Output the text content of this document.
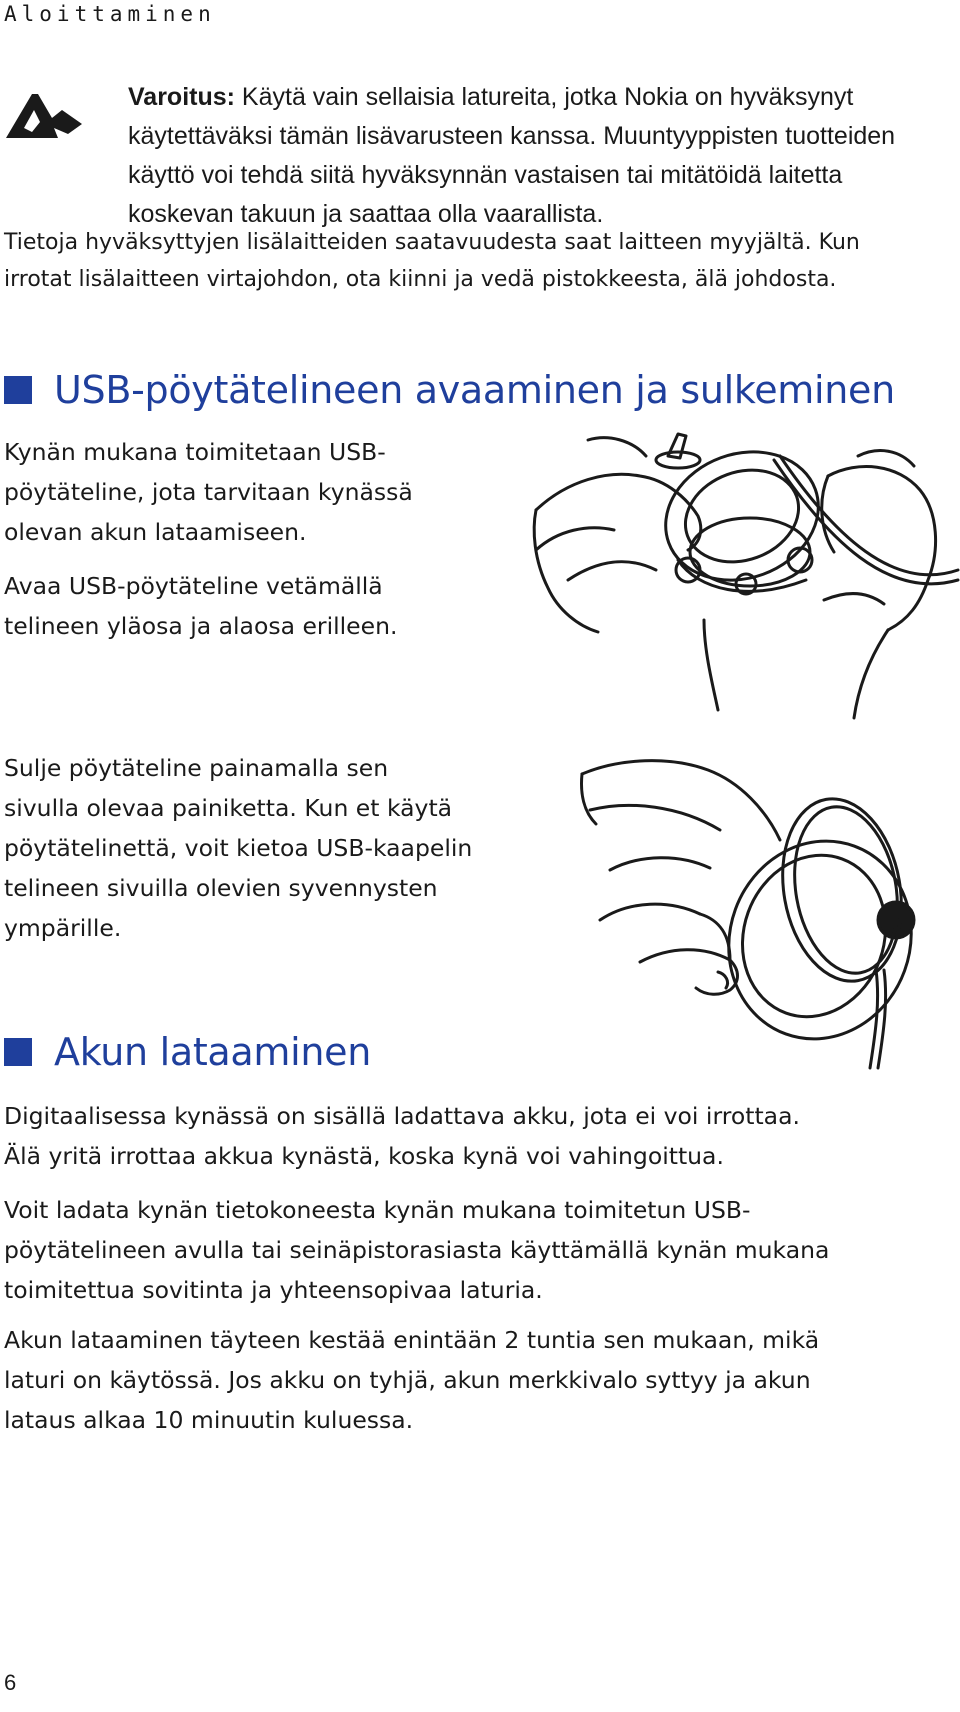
Aloittaminen
Varoitus: Käytä vain sellaisia latureita, jotka Nokia on hyväksynyt käytettäväksi tämän lisävarusteen kanssa. Muuntyyppisten tuotteiden käyttö voi tehdä siitä hyväksynnän vastaisen tai mitätöidä laitetta koskevan takuun ja saattaa olla vaarallista.

Tietoja hyväksyttyjen lisälaitteiden saatavuudesta saat laitteen myyjältä. Kun
irrotat lisälaitteen virtajohdon, ota kiinni ja vedä pistokkeesta, älä johdosta.

USB-pöytätelineen avaaminen ja sulkeminen

Kynän mukana toimitetaan USB-
pöytäteline, jota tarvitaan kynässä
olevan akun lataamiseen.

Avaa USB-pöytäteline vetämällä
telineen yläosa ja alaosa erilleen.

Sulje pöytäteline painamalla sen
sivulla olevaa painiketta. Kun et käytä
pöytätelinettä, voit kietoa USB-kaapelin
telineen sivuilla olevien syvennysten
ympärille.

Akun lataaminen

Digitaalisessa kynässä on sisällä ladattava akku, jota ei voi irrottaa.
Älä yritä irrottaa akkua kynästä, koska kynä voi vahingoittua.

Voit ladata kynän tietokoneesta kynän mukana toimitetun USB-
pöytätelineen avulla tai seinäpistorasiasta käyttämällä kynän mukana
toimitettua sovitinta ja yhteensopivaa laturia.

Akun lataaminen täyteen kestää enintään 2 tuntia sen mukaan, mikä
laturi on käytössä. Jos akku on tyhjä, akun merkkivalo syttyy ja akun
lataus alkaa 10 minuutin kuluessa.

6
